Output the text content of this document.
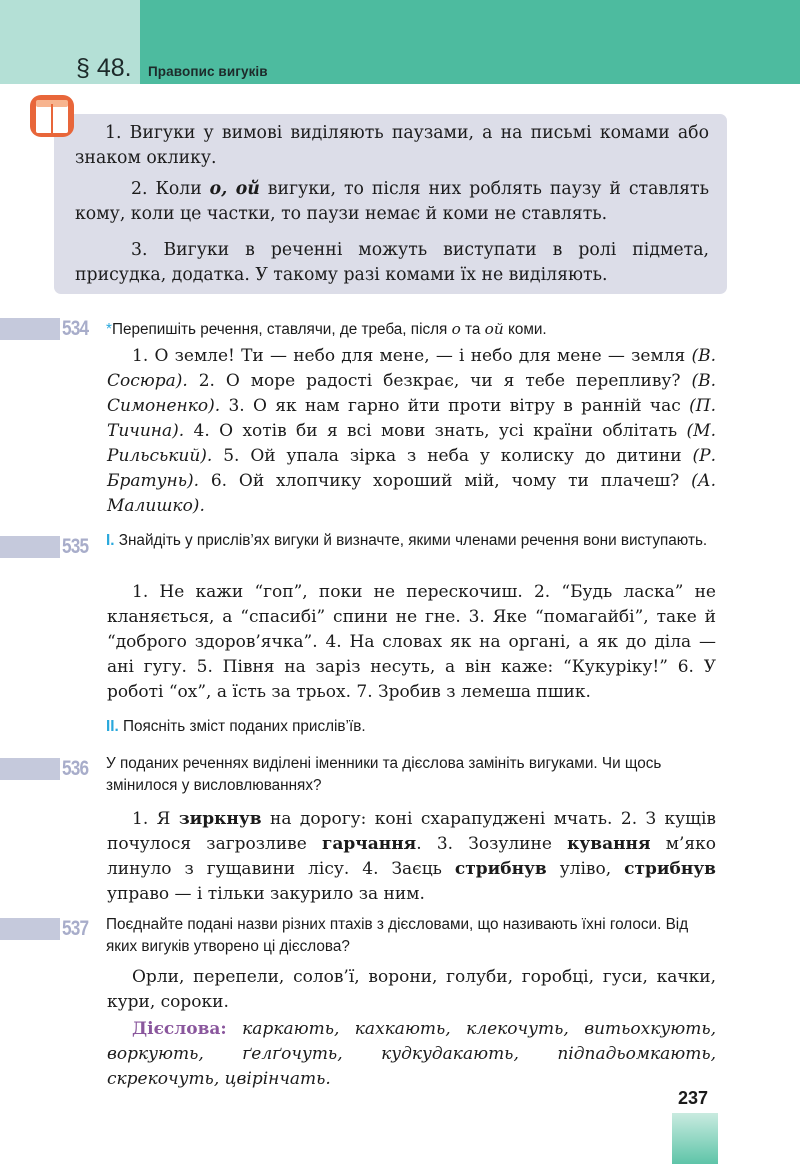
§ 48. Правопис вигуків

1. Вигуки у вимові виділяють паузами, а на письмі комами або знаком оклику.

2. Коли о, ой вигуки, то після них роблять паузу й ставлять кому, коли це частки, то паузи немає й коми не ставлять.

3. Вигуки в реченні можуть виступати в ролі підмета, присудка, додатка. У такому разі комами їх не виділяють.

534 *Перепишіть речення, ставлячи, де треба, після о та ой коми.

1. О земле! Ти — небо для мене, — і небо для мене — земля (В. Сосюра). 2. О море радості безкрає, чи я тебе перепливу? (В. Симоненко). 3. О як нам гарно йти проти вітру в ранній час (П. Тичина). 4. О хотів би я всі мови знать, усі країни облітать (М. Рильський). 5. Ой упала зірка з неба у колиску до дитини (Р. Братунь). 6. Ой хлопчику хороший мій, чому ти плачеш? (А. Малишко).

535 I. Знайдіть у прислів’ях вигуки й визначте, якими членами речення вони виступають.

1. Не кажи “гоп”, поки не перескочиш. 2. “Будь ласка” не кланяється, а “спасибі” спини не гне. 3. Яке “помагайбі”, таке й “доброго здоров’ячка”. 4. На словах як на органі, а як до діла — ані гугу. 5. Півня на заріз несуть, а він каже: “Кукуріку!” 6. У роботі “ох”, а їсть за трьох. 7. Зробив з лемеша пшик.

II. Поясніть зміст поданих прислів’їв.

536 У поданих реченнях виділені іменники та дієслова замініть вигуками. Чи щось змінилося у висловлюваннях?

1. Я зиркнув на дорогу: коні схарапуджені мчать. 2. З кущів почулося загрозливе гарчання. 3. Зозулине кування м’яко линуло з гущавини лісу. 4. Заєць стрибнув уліво, стрибнув управо — і тільки закурило за ним.

537 Поєднайте подані назви різних птахів з дієсловами, що називають їхні голоси. Від яких вигуків утворено ці дієслова?

Орли, перепели, солов’ї, ворони, голуби, горобці, гуси, качки, кури, сороки.

Дієслова: каркають, кахкають, клекочуть, витьохкують, воркують, ґелґочуть, кудкудакають, підпадьомкають, скрекочуть, цвірінчать.

237
